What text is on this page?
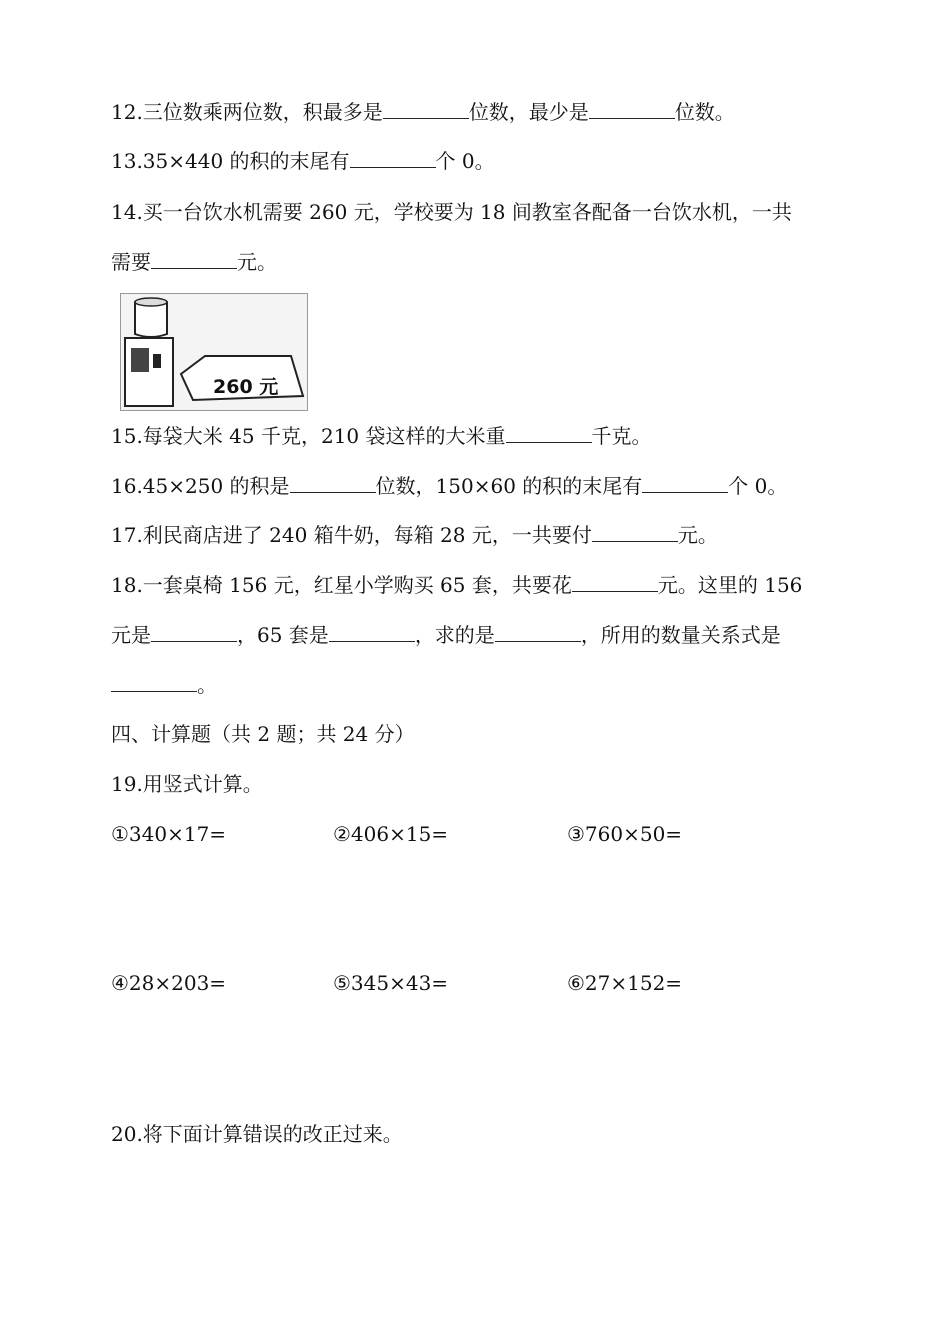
12.三位数乘两位数，积最多是	位数，最少是	位数。
13.35×440 的积的末尾有	个 0。
14.买一台饮水机需要 260 元，学校要为 18 间教室各配备一台饮水机，一共
需要	元。
260 元
15.每袋大米 45 千克，210 袋这样的大米重	千克。
16.45×250 的积是	位数，150×60 的积的末尾有	个 0。
17.利民商店进了 240 箱牛奶，每箱 28 元，一共要付	元。
18.一套桌椅 156 元，红星小学购买 65 套，共要花	元。这里的 156
元是	，65 套是	，求的是	，所用的数量关系式是
。
四、计算题（共 2 题；共 24 分）
19.用竖式计算。
①340×17=	②406×15=	③760×50=
④28×203=	⑤345×43=	⑥27×152=
20.将下面计算错误的改正过来。
